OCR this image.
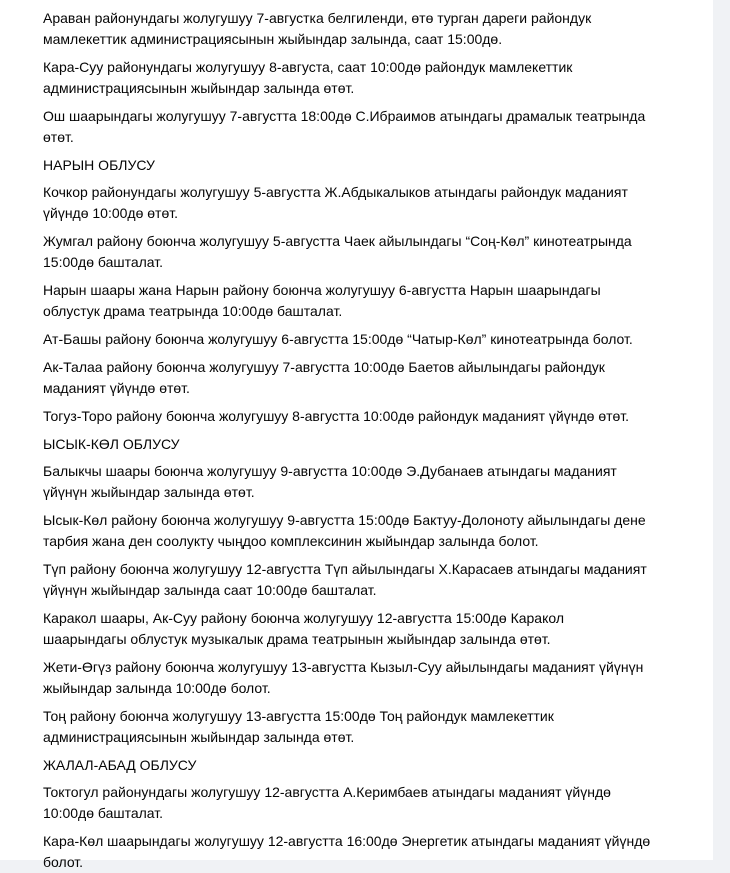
Араван районундагы жолугушуу 7-августка белгиленди, өтө турган дареги райондук
мамлекеттик администрациясынын жыйындар залында, саат 15:00дө.
Кара-Суу районундагы жолугушуу 8-августа, саат 10:00дө райондук мамлекеттик
администрациясынын жыйындар залында өтөт.
Ош шаарындагы жолугушуу 7-августта 18:00дө С.Ибраимов атындагы драмалык театрында
өтөт.
НАРЫН ОБЛУСУ
Кочкор районундагы жолугушуу 5-августта Ж.Абдыкалыков атындагы райондук маданият
үйүндө 10:00дө өтөт.
Жумгал району боюнча жолугушуу 5-августта Чаек айылындагы “Соң-Көл” кинотеатрында
15:00дө башталат.
Нарын шаары жана Нарын району боюнча жолугушуу 6-августта Нарын шаарындагы
облустук драма театрында 10:00дө башталат.
Ат-Башы району боюнча жолугушуу 6-августта 15:00дө “Чатыр-Көл” кинотеатрында болот.
Ак-Талаа району боюнча жолугушуу 7-августта 10:00дө Баетов айылындагы райондук
маданият үйүндө өтөт.
Тогуз-Торо району боюнча жолугушуу 8-августта 10:00дө райондук маданият үйүндө өтөт.
ЫСЫК-КӨЛ ОБЛУСУ
Балыкчы шаары боюнча жолугушуу 9-августта 10:00дө Э.Дубанаев атындагы маданият
үйүнүн жыйындар залында өтөт.
Ысык-Көл району боюнча жолугушуу 9-августта 15:00дө Бактуу-Долоноту айылындагы дене
тарбия жана ден соолукту чыңдоо комплексинин жыйындар залында болот.
Түп району боюнча жолугушуу 12-августта Түп айылындагы Х.Карасаев атындагы маданият
үйүнүн жыйындар залында саат 10:00дө башталат.
Каракол шаары, Ак-Суу району боюнча жолугушуу 12-августта 15:00дө Каракол
шаарындагы облустук музыкалык драма театрынын жыйындар залында өтөт.
Жети-Өгүз району боюнча жолугушуу 13-августта Кызыл-Суу айылындагы маданият үйүнүн
жыйындар залында 10:00дө болот.
Тоң району боюнча жолугушуу 13-августта 15:00дө Тоң райондук мамлекеттик
администрациясынын жыйындар залында өтөт.
ЖАЛАЛ-АБАД ОБЛУСУ
Токтогул районундагы жолугушуу 12-августта А.Керимбаев атындагы маданият үйүндө
10:00дө башталат.
Кара-Көл шаарындагы жолугушуу 12-августта 16:00дө Энергетик атындагы маданият үйүндө
болот.
